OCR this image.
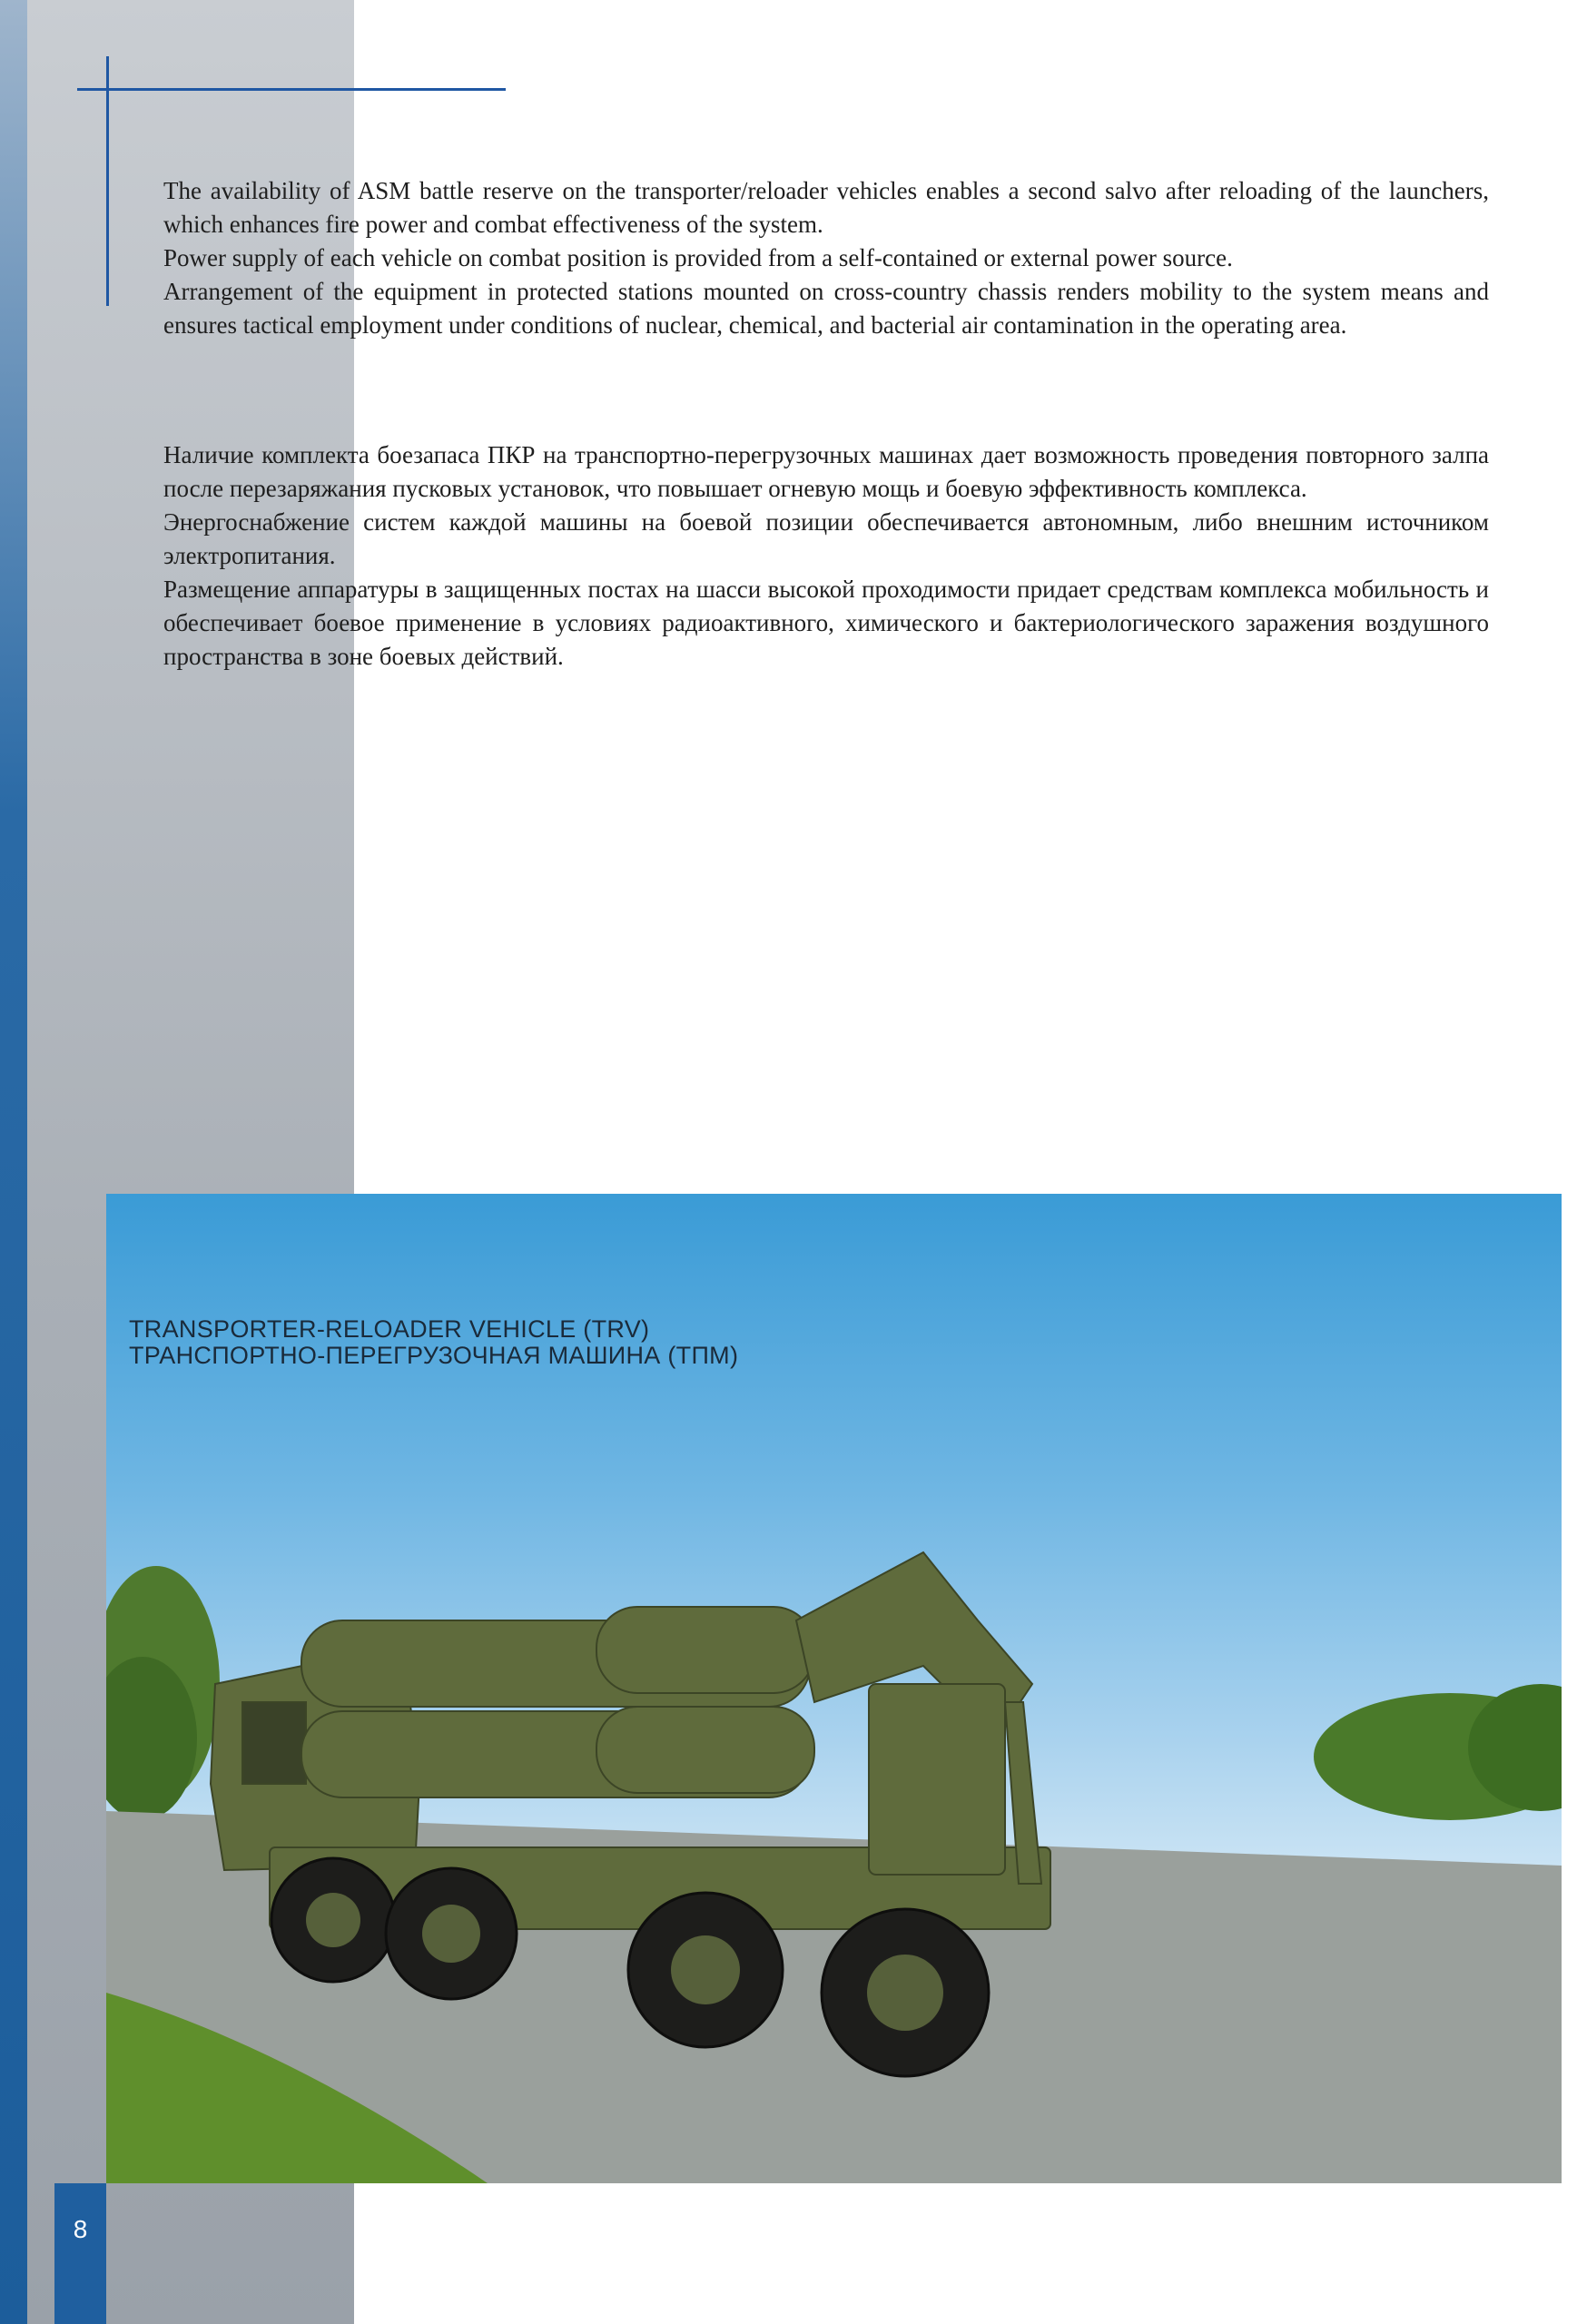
The availability of ASM battle reserve on the transporter/reloader vehicles enables a second salvo after reloading of the launchers, which enhances fire power and combat effectiveness of the system.

Power supply of each vehicle on combat position is provided from a self-contained or external power source.

Arrangement of the equipment in protected stations mounted on cross-country chassis renders mobility to the system means and ensures tactical employment under conditions of nuclear, chemical, and bacterial air contamination in the operating area.

Наличие комплекта боезапаса ПКР на транспортно-перегрузочных машинах дает возможность проведения повторного залпа после перезаряжания пусковых установок, что повышает огневую мощь и боевую эффективность комплекса.

Энергоснабжение систем каждой машины на боевой позиции обеспечивается автономным, либо внешним источником электропитания.

Размещение аппаратуры в защищенных постах на шасси высокой проходимости придает средствам комплекса мобильность и обеспечивает боевое применение в условиях радиоактивного, химического и бактериологического заражения воздушного пространства в зоне боевых действий.

TRANSPORTER-RELOADER VEHICLE (TRV)
ТРАНСПОРТНО-ПЕРЕГРУЗОЧНАЯ МАШИНА (ТПМ)
8
